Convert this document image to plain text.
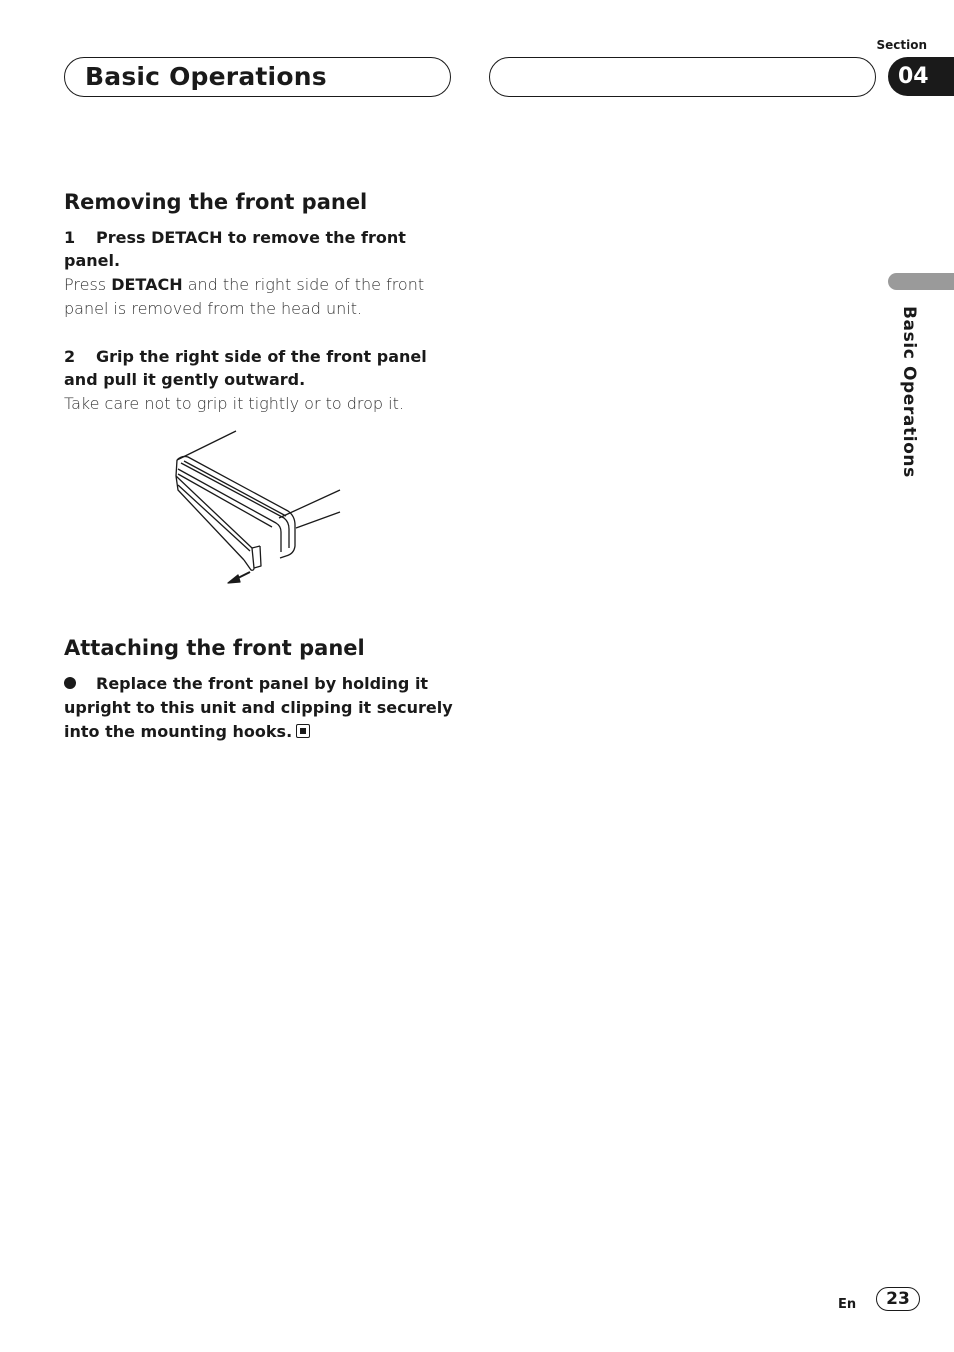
Basic Operations
Section
04
Basic Operations
Removing the front panel

1 Press DETACH to remove the front panel.

Press DETACH and the right side of the front panel is removed from the head unit.

2 Grip the right side of the front panel and pull it gently outward.

Take care not to grip it tightly or to drop it.

Attaching the front panel

Replace the front panel by holding it upright to this unit and clipping it securely into the mounting hooks.

En	23
